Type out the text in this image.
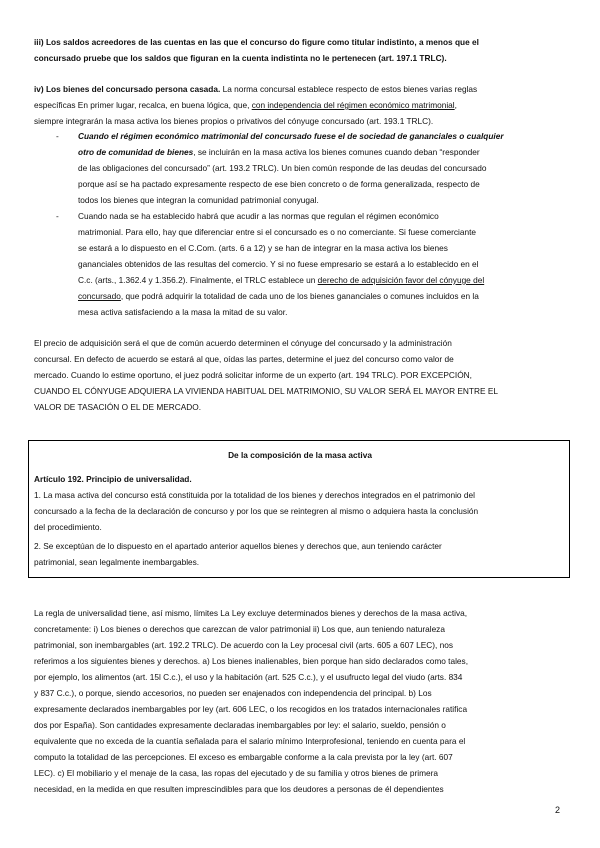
iii) Los saldos acreedores de las cuentas en las que el concurso do figure como titular indistinto, a menos que el
concursado pruebe que los saldos que figuran en la cuenta indistinta no le pertenecen (art. 197.1 TRLC).
iv) Los bienes del concursado persona casada. La norma concursal establece respecto de estos bienes varias reglas
específicas En primer lugar, recalca, en buena lógica, que, con independencia del régimen económico matrimonial,
siempre integrarán la masa activa los bienes propios o privativos del cónyuge concursado (art. 193.1 TRLC).
- Cuando el régimen económico matrimonial del concursado fuese el de sociedad de gananciales o cualquier
otro de comunidad de bienes, se incluirán en la masa activa los bienes comunes cuando deban “responder
de las obligaciones del concursado” (art. 193.2 TRLC). Un bien común responde de las deudas del concursado
porque así se ha pactado expresamente respecto de ese bien concreto o de forma generalizada, respecto de
todos los bienes que integran la comunidad patrimonial conyugal.
- Cuando nada se ha establecido habrá que acudir a las normas que regulan el régimen económico
matrimonial. Para ello, hay que diferenciar entre si el concursado es o no comerciante. Si fuese comerciante
se estará a lo dispuesto en el C.Com. (arts. 6 a 12) y se han de integrar en la masa activa los bienes
gananciales obtenidos de las resultas del comercio. Y si no fuese empresario se estará a lo establecido en el
C.c. (arts., 1.362.4 y 1.356.2). Finalmente, el TRLC establece un derecho de adquisición favor del cónyuge del
concursado, que podrá adquirir la totalidad de cada uno de los bienes gananciales o comunes incluidos en la
mesa activa satisfaciendo a la masa la mitad de su valor.
El precio de adquisición será el que de común acuerdo determinen el cónyuge del concursado y la administración
concursal. En defecto de acuerdo se estará al que, oídas las partes, determine el juez del concurso como valor de
mercado. Cuando lo estime oportuno, el juez podrá solicitar informe de un experto (art. 194 TRLC). POR EXCEPCIÓN,
CUANDO EL CÓNYUGE ADQUIERA LA VIVIENDA HABITUAL DEL MATRIMONIO, SU VALOR SERÁ EL MAYOR ENTRE EL
VALOR DE TASACIÓN O EL DE MERCADO.
De la composición de la masa activa
Artículo 192. Principio de universalidad.
1. La masa activa del concurso está constituida por la totalidad de los bienes y derechos integrados en el patrimonio del
concursado a la fecha de la declaración de concurso y por los que se reintegren al mismo o adquiera hasta la conclusión
del procedimiento.
2. Se exceptúan de lo dispuesto en el apartado anterior aquellos bienes y derechos que, aun teniendo carácter
patrimonial, sean legalmente inembargables.
La regla de universalidad tiene, así mismo, límites La Ley excluye determinados bienes y derechos de la masa activa,
concretamente: i) Los bienes o derechos que carezcan de valor patrimonial ii) Los que, aun teniendo naturaleza
patrimonial, son inembargables (art. 192.2 TRLC). De acuerdo con la Ley procesal civil (arts. 605 a 607 LEC), nos
referimos a los siguientes bienes y derechos. a) Los bienes inalienables, bien porque han sido declarados como tales,
por ejemplo, los alimentos (art. 15l C.c.), el uso y la habitación (art. 525 C.c.), y el usufructo legal del viudo (arts. 834
y 837 C.c.), o porque, siendo accesorios, no pueden ser enajenados con independencia del principal. b) Los
expresamente declarados inembargables por ley (art. 606 LEC, o los recogidos en los tratados internacionales ratifica
dos por España). Son cantidades expresamente declaradas inembargables por ley: el salario, sueldo, pensión o
equivalente que no exceda de la cuantía señalada para el salario mínimo Interprofesional, teniendo en cuenta para el
computo la totalidad de las percepciones. El exceso es embargable conforme a la cala prevista por la ley (art. 607
LEC). c) El mobiliario y el menaje de la casa, las ropas del ejecutado y de su familia y otros bienes de primera
necesidad, en la medida en que resulten imprescindibles para que los deudores a personas de él dependientes
2
